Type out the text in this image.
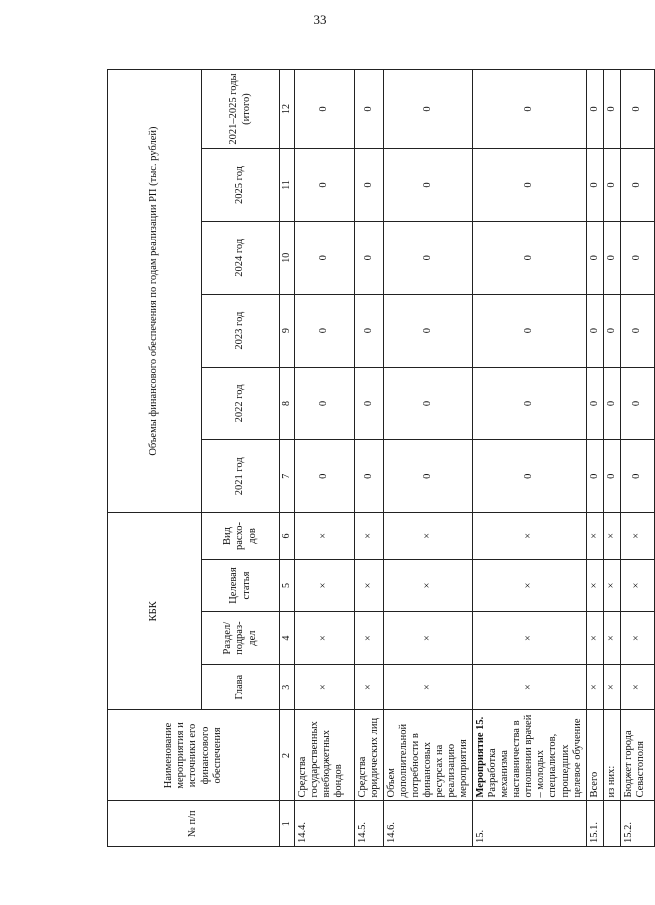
33
№ п/п	Наименование мероприятия и источники его финансового обеспечения	КБК				Объемы финансового обеспечения по годам реализации РП (тыс. рублей)					
		Глава	Раздел/ подраз- дел	Целевая статья	Вид расхо- дов	2021 год	2022 год	2023 год	2024 год	2025 год	2021–2025 годы (итого)
1	2	3	4	5	6	7	8	9	10	11	12
14.4.	Средства государственных внебюджетных фондов	×	×	×	×	0	0	0	0	0	0
14.5.	Средства юридических лиц	×	×	×	×	0	0	0	0	0	0
14.6.	Объем дополнительной потребности в финансовых ресурсах на реализацию мероприятия	×	×	×	×	0	0	0	0	0	0
15.	Мероприятие 15. Разработка механизма наставничества в отношении врачей – молодых специалистов, прошедших целевое обучение	×	×	×	×	0	0	0	0	0	0
15.1.	Всего	×	×	×	×	0	0	0	0	0	0
	из них:	×	×	×	×	0	0	0	0	0	0
15.2.	Бюджет города Севастополя	×	×	×	×	0	0	0	0	0	0
